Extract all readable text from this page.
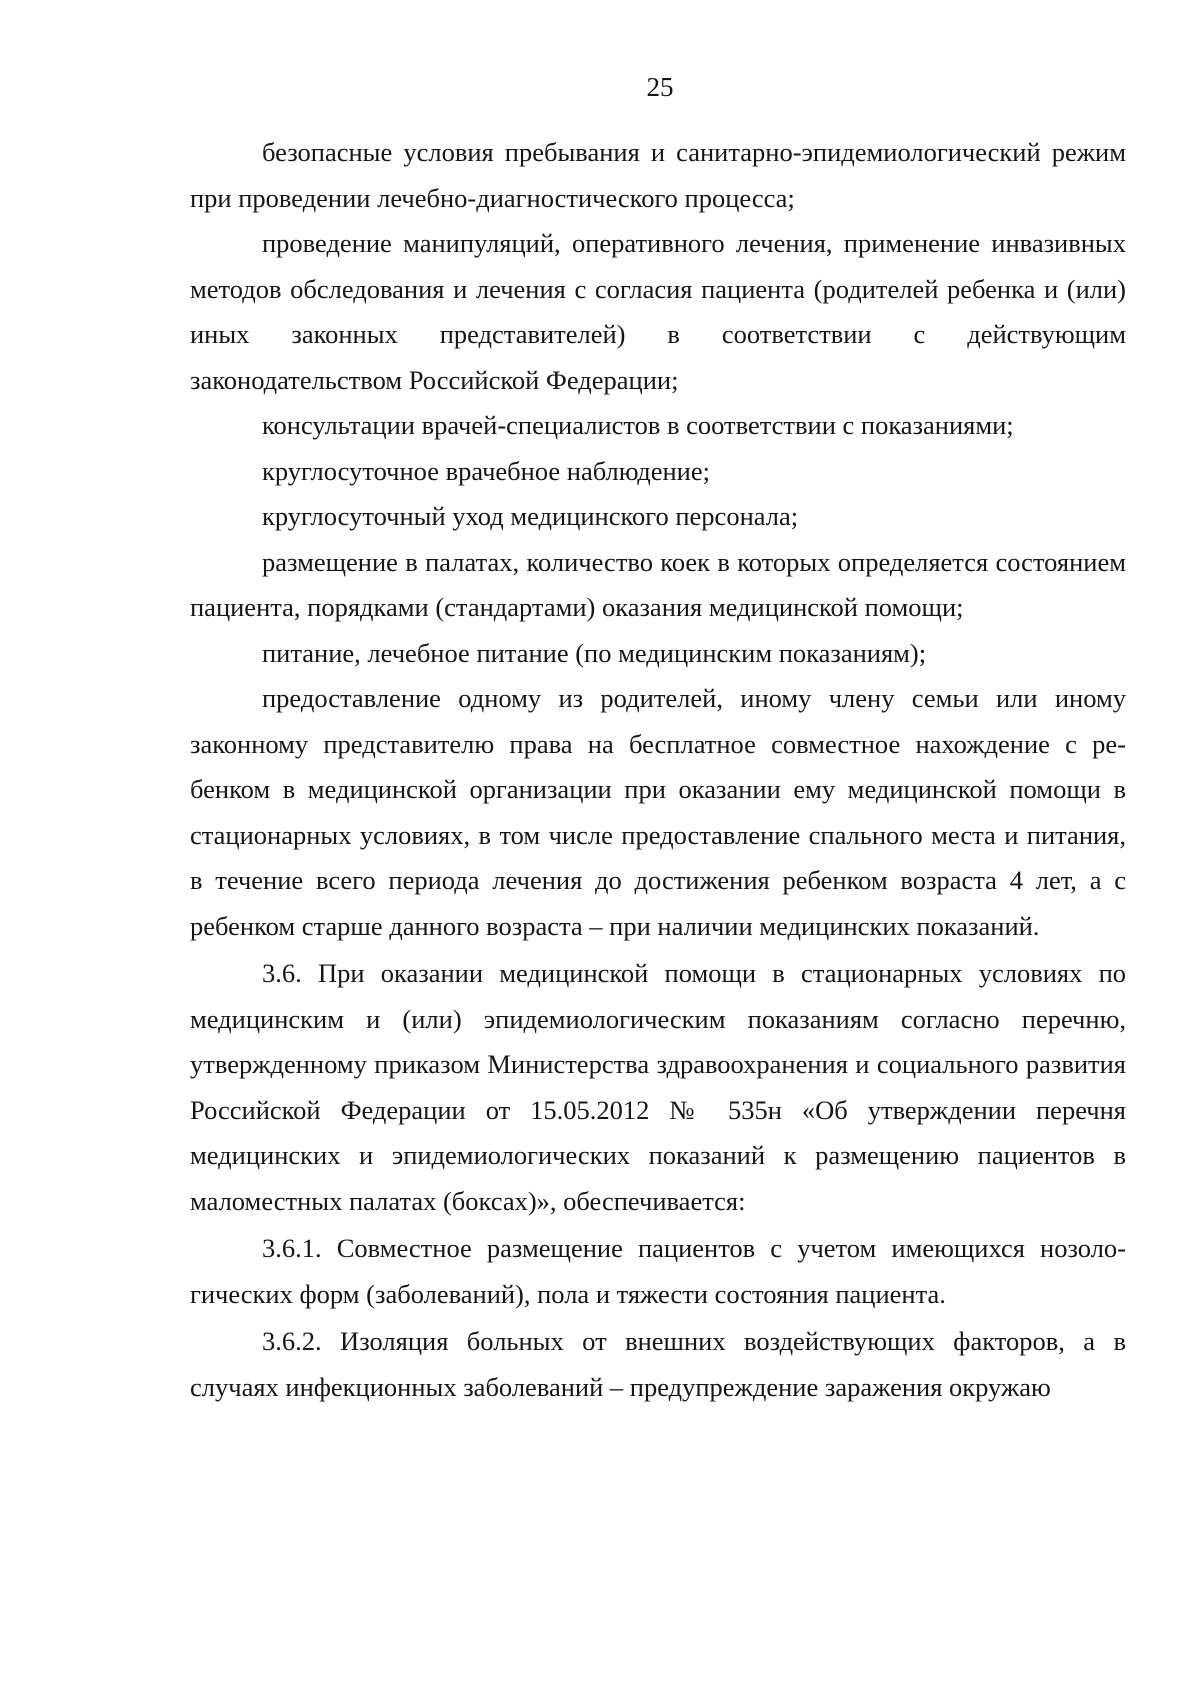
25

безопасные условия пребывания и санитарно-эпидемиологический режим при проведении лечебно-диагностического процесса;

проведение манипуляций, оперативного лечения, применение инвазивных методов обследования и лечения с согласия пациента (родителей ребенка и (или) иных законных представителей) в соответствии с действующим законодательством Российской Федерации;

консультации врачей-специалистов в соответствии с показаниями;

круглосуточное врачебное наблюдение;

круглосуточный уход медицинского персонала;

размещение в палатах, количество коек в которых определяется состоянием пациента, порядками (стандартами) оказания медицинской помощи;

питание, лечебное питание (по медицинским показаниям);

предоставление одному из родителей, иному члену семьи или иному законному представителю права на бесплатное совместное нахождение с ребенком в медицинской организации при оказании ему медицинской помощи в стационарных условиях, в том числе предоставление спального места и питания, в течение всего периода лечения до достижения ребенком возраста 4 лет, а с ребенком старше данного возраста – при наличии медицинских показаний.

3.6. При оказании медицинской помощи в стационарных условиях по медицинским и (или) эпидемиологическим показаниям согласно перечню, утвержденному приказом Министерства здравоохранения и социального развития Российской Федерации от 15.05.2012 № 535н «Об утверждении перечня медицинских и эпидемиологических показаний к размещению пациентов в маломестных палатах (боксах)», обеспечивается:

3.6.1. Совместное размещение пациентов с учетом имеющихся нозологических форм (заболеваний), пола и тяжести состояния пациента.

3.6.2. Изоляция больных от внешних воздействующих факторов, а в случаях инфекционных заболеваний – предупреждение заражения окружаю
